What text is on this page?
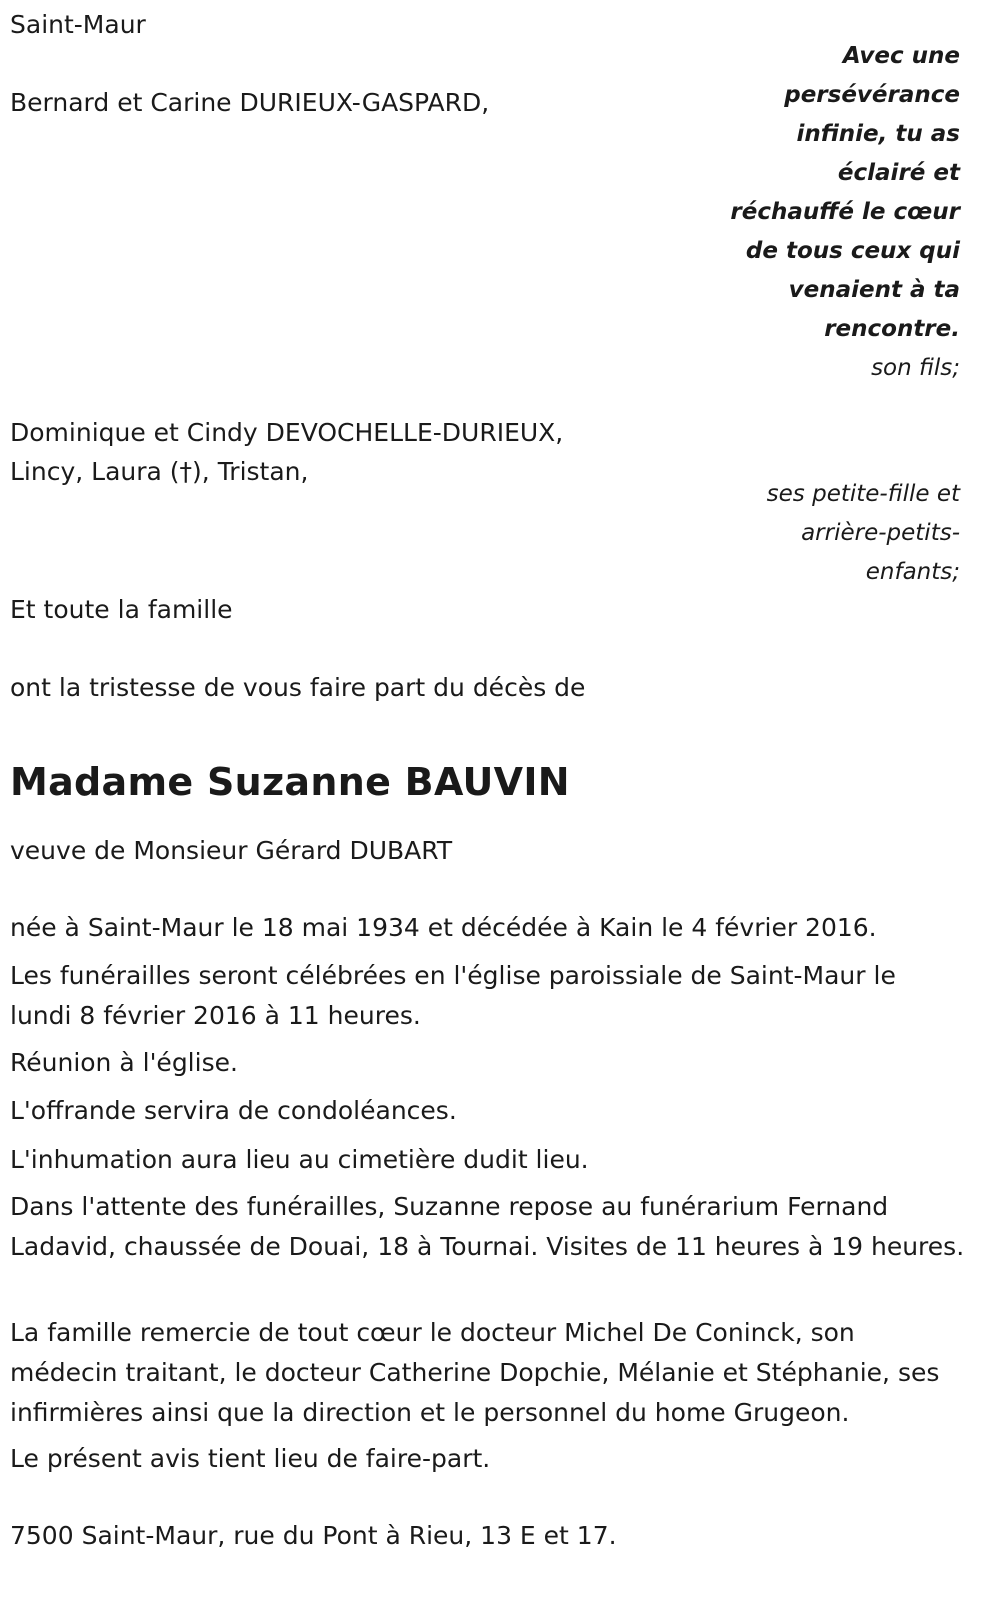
Saint-Maur

Bernard et Carine DURIEUX-GASPARD,

Avec une persévérance infinie, tu as éclairé et réchauffé le cœur de tous ceux qui venaient à ta rencontre.
son fils;

Dominique et Cindy DEVOCHELLE-DURIEUX,

Lincy, Laura (†), Tristan,

ses petite-fille et arrière-petits-enfants;

Et toute la famille

ont la tristesse de vous faire part du décès de

Madame Suzanne BAUVIN

veuve de Monsieur Gérard DUBART

née à Saint-Maur le 18 mai 1934 et décédée à Kain le 4 février 2016.

Les funérailles seront célébrées en l'église paroissiale de Saint-Maur le lundi 8 février 2016 à 11 heures.

Réunion à l'église.

L'offrande servira de condoléances.

L'inhumation aura lieu au cimetière dudit lieu.

Dans l'attente des funérailles, Suzanne repose au funérarium Fernand Ladavid, chaussée de Douai, 18 à Tournai. Visites de 11 heures à 19 heures.

La famille remercie de tout cœur le docteur Michel De Coninck, son médecin traitant, le docteur Catherine Dopchie, Mélanie et Stéphanie, ses infirmières ainsi que la direction et le personnel du home Grugeon.

Le présent avis tient lieu de faire-part.

7500 Saint-Maur, rue du Pont à Rieu, 13 E et 17.
